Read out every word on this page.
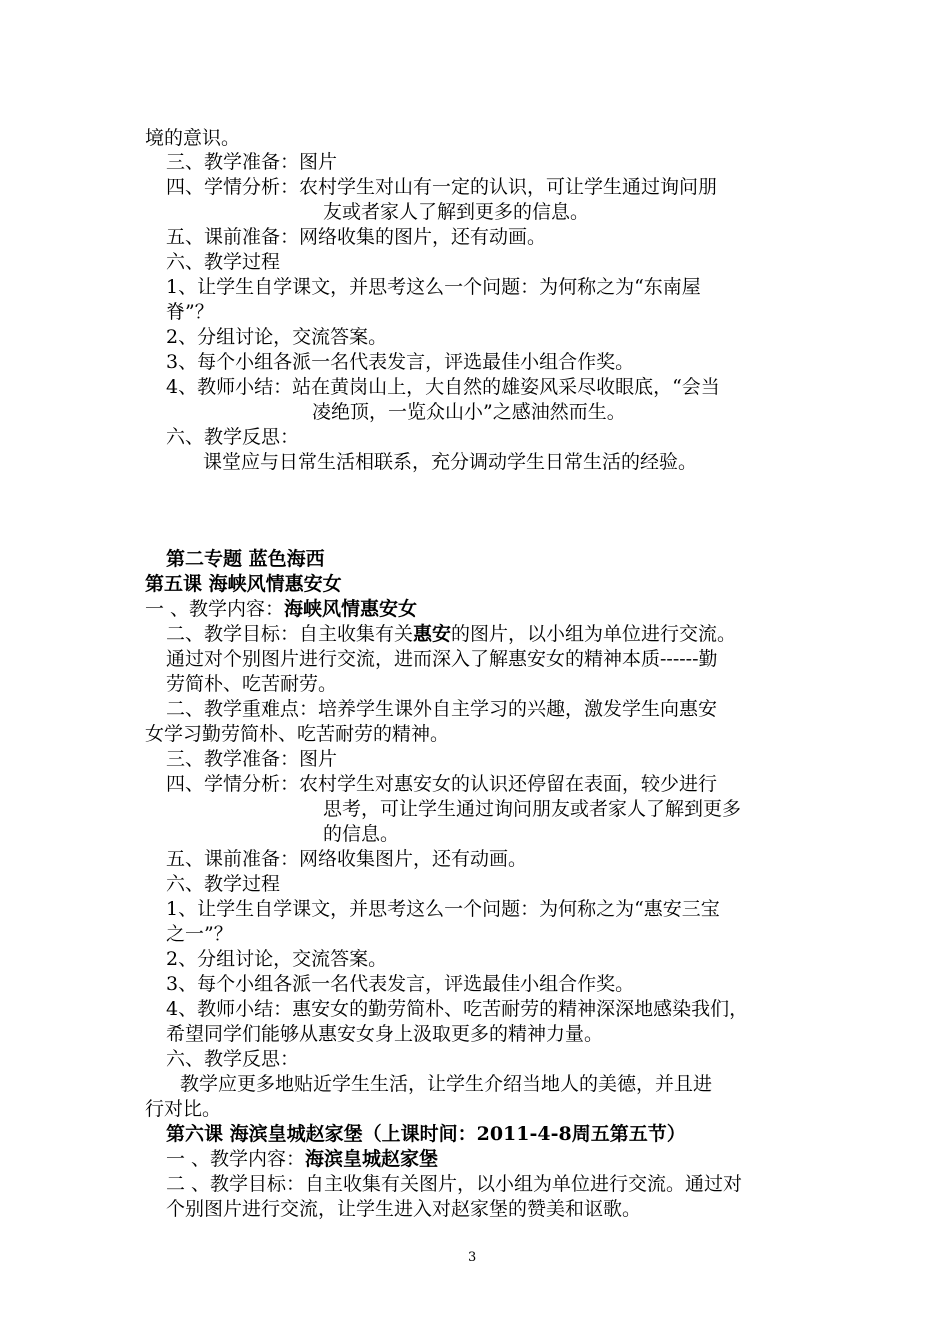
境的意识。
三、教学准备：图片
四、学情分析：农村学生对山有一定的认识，可让学生通过询问朋
友或者家人了解到更多的信息。
五、课前准备：网络收集的图片，还有动画。
六、教学过程
1、让学生自学课文，并思考这么一个问题：为何称之为“东南屋
脊”？
2、分组讨论，交流答案。
3、每个小组各派一名代表发言，评选最佳小组合作奖。
4、教师小结：站在黄岗山上，大自然的雄姿风采尽收眼底，“会当
凌绝顶，一览众山小”之感油然而生。
六、教学反思：
课堂应与日常生活相联系，充分调动学生日常生活的经验。
第二专题 蓝色海西
第五课 海峡风情惠安女
一 、教学内容：海峡风情惠安女
二、教学目标：自主收集有关惠安的图片，以小组为单位进行交流。
通过对个别图片进行交流，进而深入了解惠安女的精神本质------勤
劳简朴、吃苦耐劳。
二、教学重难点：培养学生课外自主学习的兴趣，激发学生向惠安
女学习勤劳简朴、吃苦耐劳的精神。
三、教学准备：图片
四、学情分析：农村学生对惠安女的认识还停留在表面，较少进行
思考，可让学生通过询问朋友或者家人了解到更多
的信息。
五、课前准备：网络收集图片，还有动画。
六、教学过程
1、让学生自学课文，并思考这么一个问题：为何称之为“惠安三宝
之一”？
2、分组讨论，交流答案。
3、每个小组各派一名代表发言，评选最佳小组合作奖。
4、教师小结：惠安女的勤劳简朴、吃苦耐劳的精神深深地感染我们，
希望同学们能够从惠安女身上汲取更多的精神力量。
六、教学反思：
教学应更多地贴近学生生活，让学生介绍当地人的美德，并且进
行对比。
第六课 海滨皇城赵家堡（上课时间：2011-4-8周五第五节）
一 、教学内容：海滨皇城赵家堡
二 、教学目标：自主收集有关图片，以小组为单位进行交流。通过对
个别图片进行交流，让学生进入对赵家堡的赞美和讴歌。
3
